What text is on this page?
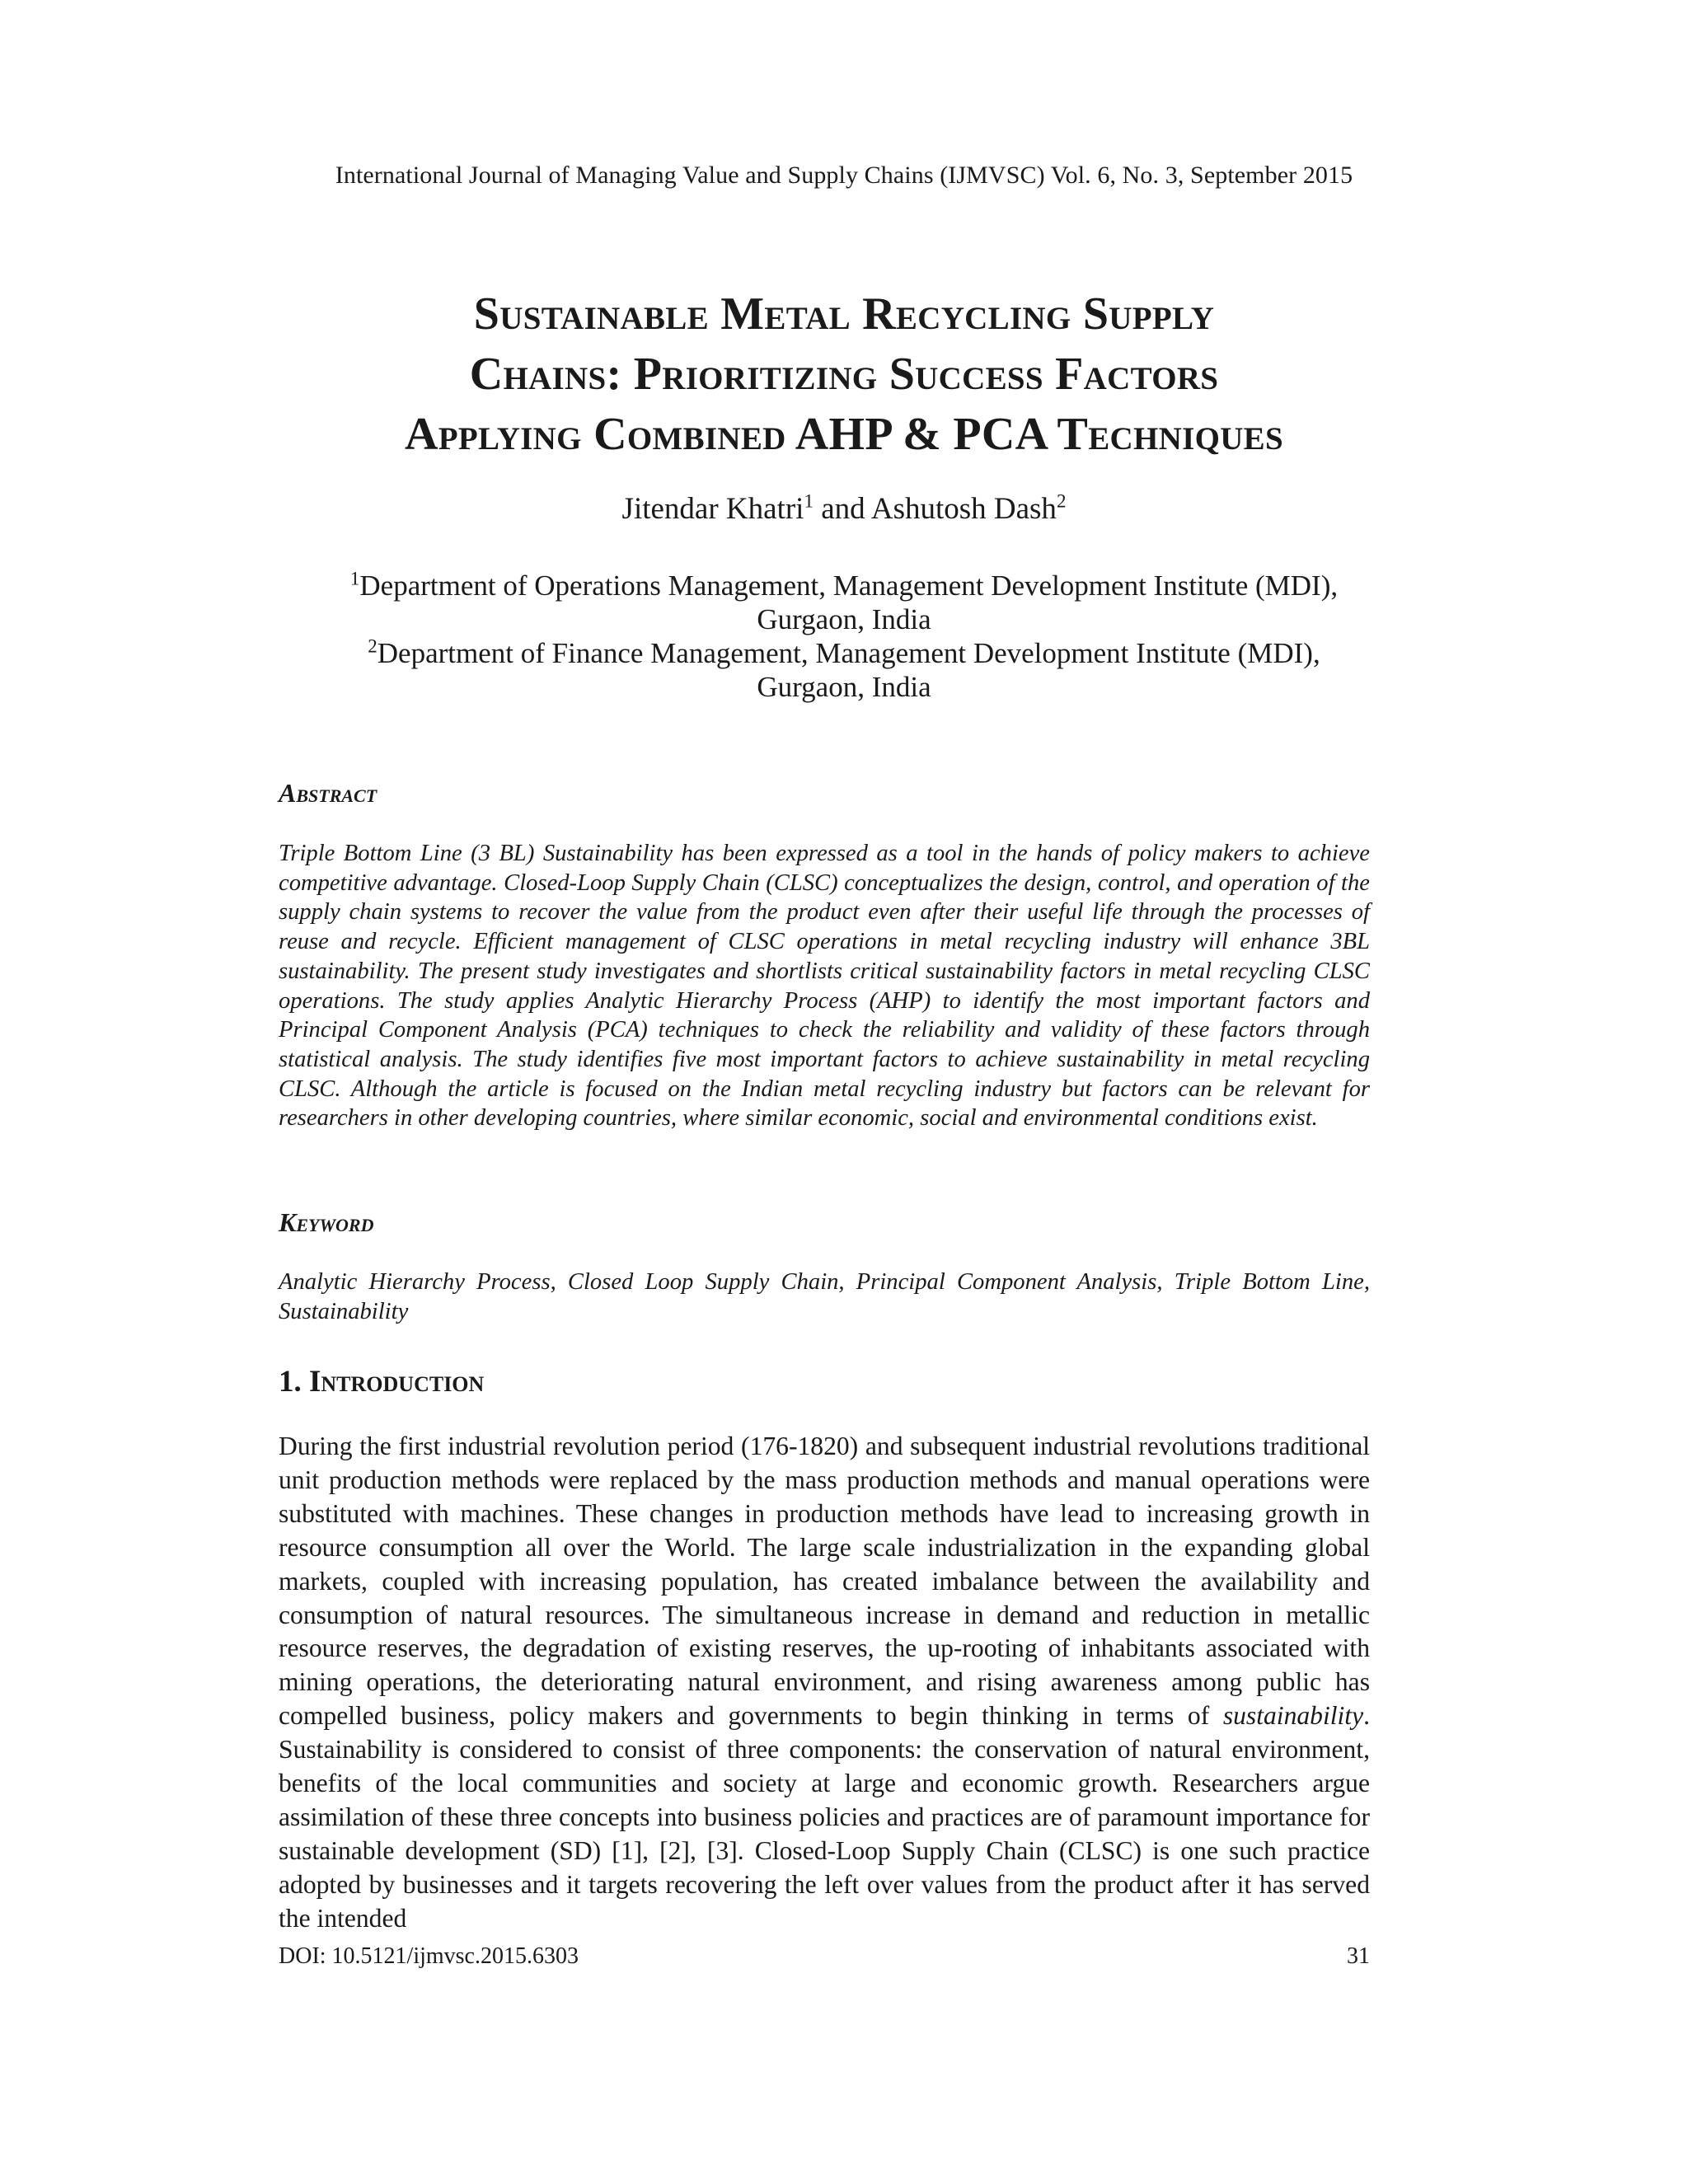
International Journal of Managing Value and Supply Chains (IJMVSC) Vol. 6, No. 3, September 2015
Sustainable Metal Recycling Supply
Chains: Prioritizing Success Factors
Applying Combined AHP & PCA Techniques
Jitendar Khatri$^1$ and Ashutosh Dash$^2$
$^1$Department of Operations Management, Management Development Institute (MDI),
Gurgaon, India
$^2$Department of Finance Management, Management Development Institute (MDI),
Gurgaon, India
Abstract

Triple Bottom Line (3 BL) Sustainability has been expressed as a tool in the hands of policy makers to achieve competitive advantage. Closed-Loop Supply Chain (CLSC) conceptualizes the design, control, and operation of the supply chain systems to recover the value from the product even after their useful life through the processes of reuse and recycle. Efficient management of CLSC operations in metal recycling industry will enhance 3BL sustainability. The present study investigates and shortlists critical sustainability factors in metal recycling CLSC operations. The study applies Analytic Hierarchy Process (AHP) to identify the most important factors and Principal Component Analysis (PCA) techniques to check the reliability and validity of these factors through statistical analysis. The study identifies five most important factors to achieve sustainability in metal recycling CLSC. Although the article is focused on the Indian metal recycling industry but factors can be relevant for researchers in other developing countries, where similar economic, social and environmental conditions exist.

Keyword

Analytic Hierarchy Process, Closed Loop Supply Chain, Principal Component Analysis, Triple Bottom Line, Sustainability

1. Introduction

During the first industrial revolution period (176-1820) and subsequent industrial revolutions traditional unit production methods were replaced by the mass production methods and manual operations were substituted with machines. These changes in production methods have lead to increasing growth in resource consumption all over the World. The large scale industrialization in the expanding global markets, coupled with increasing population, has created imbalance between the availability and consumption of natural resources. The simultaneous increase in demand and reduction in metallic resource reserves, the degradation of existing reserves, the up-rooting of inhabitants associated with mining operations, the deteriorating natural environment, and rising awareness among public has compelled business, policy makers and governments to begin thinking in terms of sustainability. Sustainability is considered to consist of three components: the conservation of natural environment, benefits of the local communities and society at large and economic growth. Researchers argue assimilation of these three concepts into business policies and practices are of paramount importance for sustainable development (SD) [1], [2], [3]. Closed-Loop Supply Chain (CLSC) is one such practice adopted by businesses and it targets recovering the left over values from the product after it has served the intended

DOI: 10.5121/ijmvsc.2015.6303	31
